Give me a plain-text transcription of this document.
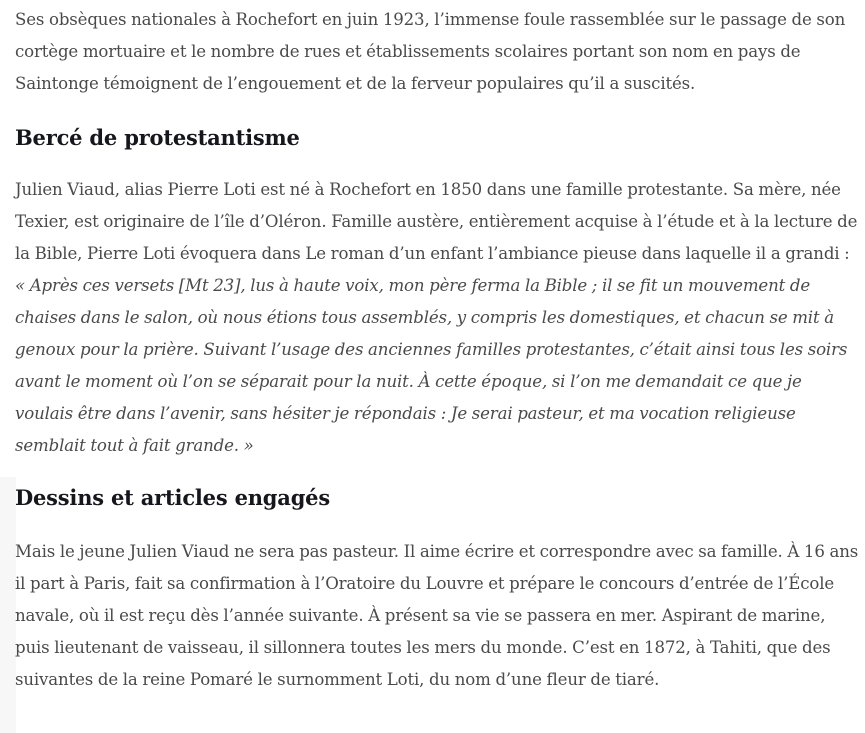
Ses obsèques nationales à Rochefort en juin 1923, l’immense foule rassemblée sur le passage de son cortège mortuaire et le nombre de rues et établissements scolaires portant son nom en pays de Saintonge témoignent de l’engouement et de la ferveur populaires qu’il a suscités.

Bercé de protestantisme

Julien Viaud, alias Pierre Loti est né à Rochefort en 1850 dans une famille protestante. Sa mère, née Texier, est originaire de l’île d’Oléron. Famille austère, entièrement acquise à l’étude et à la lecture de la Bible, Pierre Loti évoquera dans Le roman d’un enfant l’ambiance pieuse dans laquelle il a grandi : « Après ces versets [Mt 23], lus à haute voix, mon père ferma la Bible ; il se fit un mouvement de chaises dans le salon, où nous étions tous assemblés, y compris les domestiques, et chacun se mit à genoux pour la prière. Suivant l’usage des anciennes familles protestantes, c’était ainsi tous les soirs avant le moment où l’on se séparait pour la nuit. À cette époque, si l’on me demandait ce que je voulais être dans l’avenir, sans hésiter je répondais : Je serai pasteur, et ma vocation religieuse semblait tout à fait grande. »

Dessins et articles engagés

Mais le jeune Julien Viaud ne sera pas pasteur. Il aime écrire et correspondre avec sa famille. À 16 ans il part à Paris, fait sa confirmation à l’Oratoire du Louvre et prépare le concours d’entrée de l’École navale, où il est reçu dès l’année suivante. À présent sa vie se passera en mer. Aspirant de marine, puis lieutenant de vaisseau, il sillonnera toutes les mers du monde. C’est en 1872, à Tahiti, que des suivantes de la reine Pomaré le surnomment Loti, du nom d’une fleur de tiaré.
